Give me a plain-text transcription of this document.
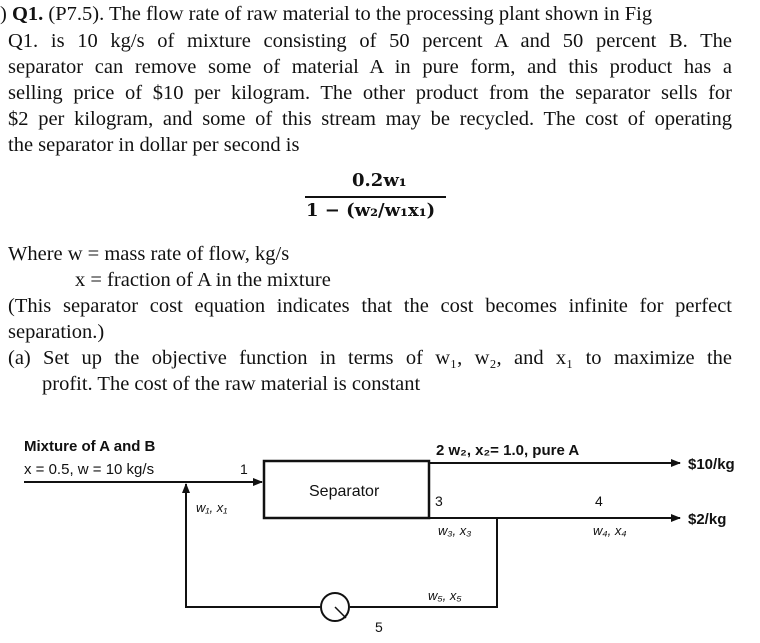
) Q1. (P7.5). The flow rate of raw material to the processing plant shown in Fig
Q1. is 10 kg/s of mixture consisting of 50 percent A and 50 percent B. The
separator can remove some of material A in pure form, and this product has a
selling price of $10 per kilogram. The other product from the separator sells for
$2 per kilogram, and some of this stream may be recycled. The cost of operating
the separator in dollar per second is
0.2w₁
1 − (w₂/w₁x₁)
Where w = mass rate of flow, kg/s
x = fraction of A in the mixture
(This separator cost equation indicates that the cost becomes infinite for perfect
separation.)
(a) Set up the objective function in terms of w₁, w₂, and x₁ to maximize the
profit. The cost of the raw material is constant
Mixture of A and B
x = 0.5, w = 10 kg/s	1
w₁, x₁
Separator
2 w₂, x₂= 1.0, pure A
$10/kg
3
w₃, x₃
4
w₄, x₄
$2/kg
w₅, x₅
5
